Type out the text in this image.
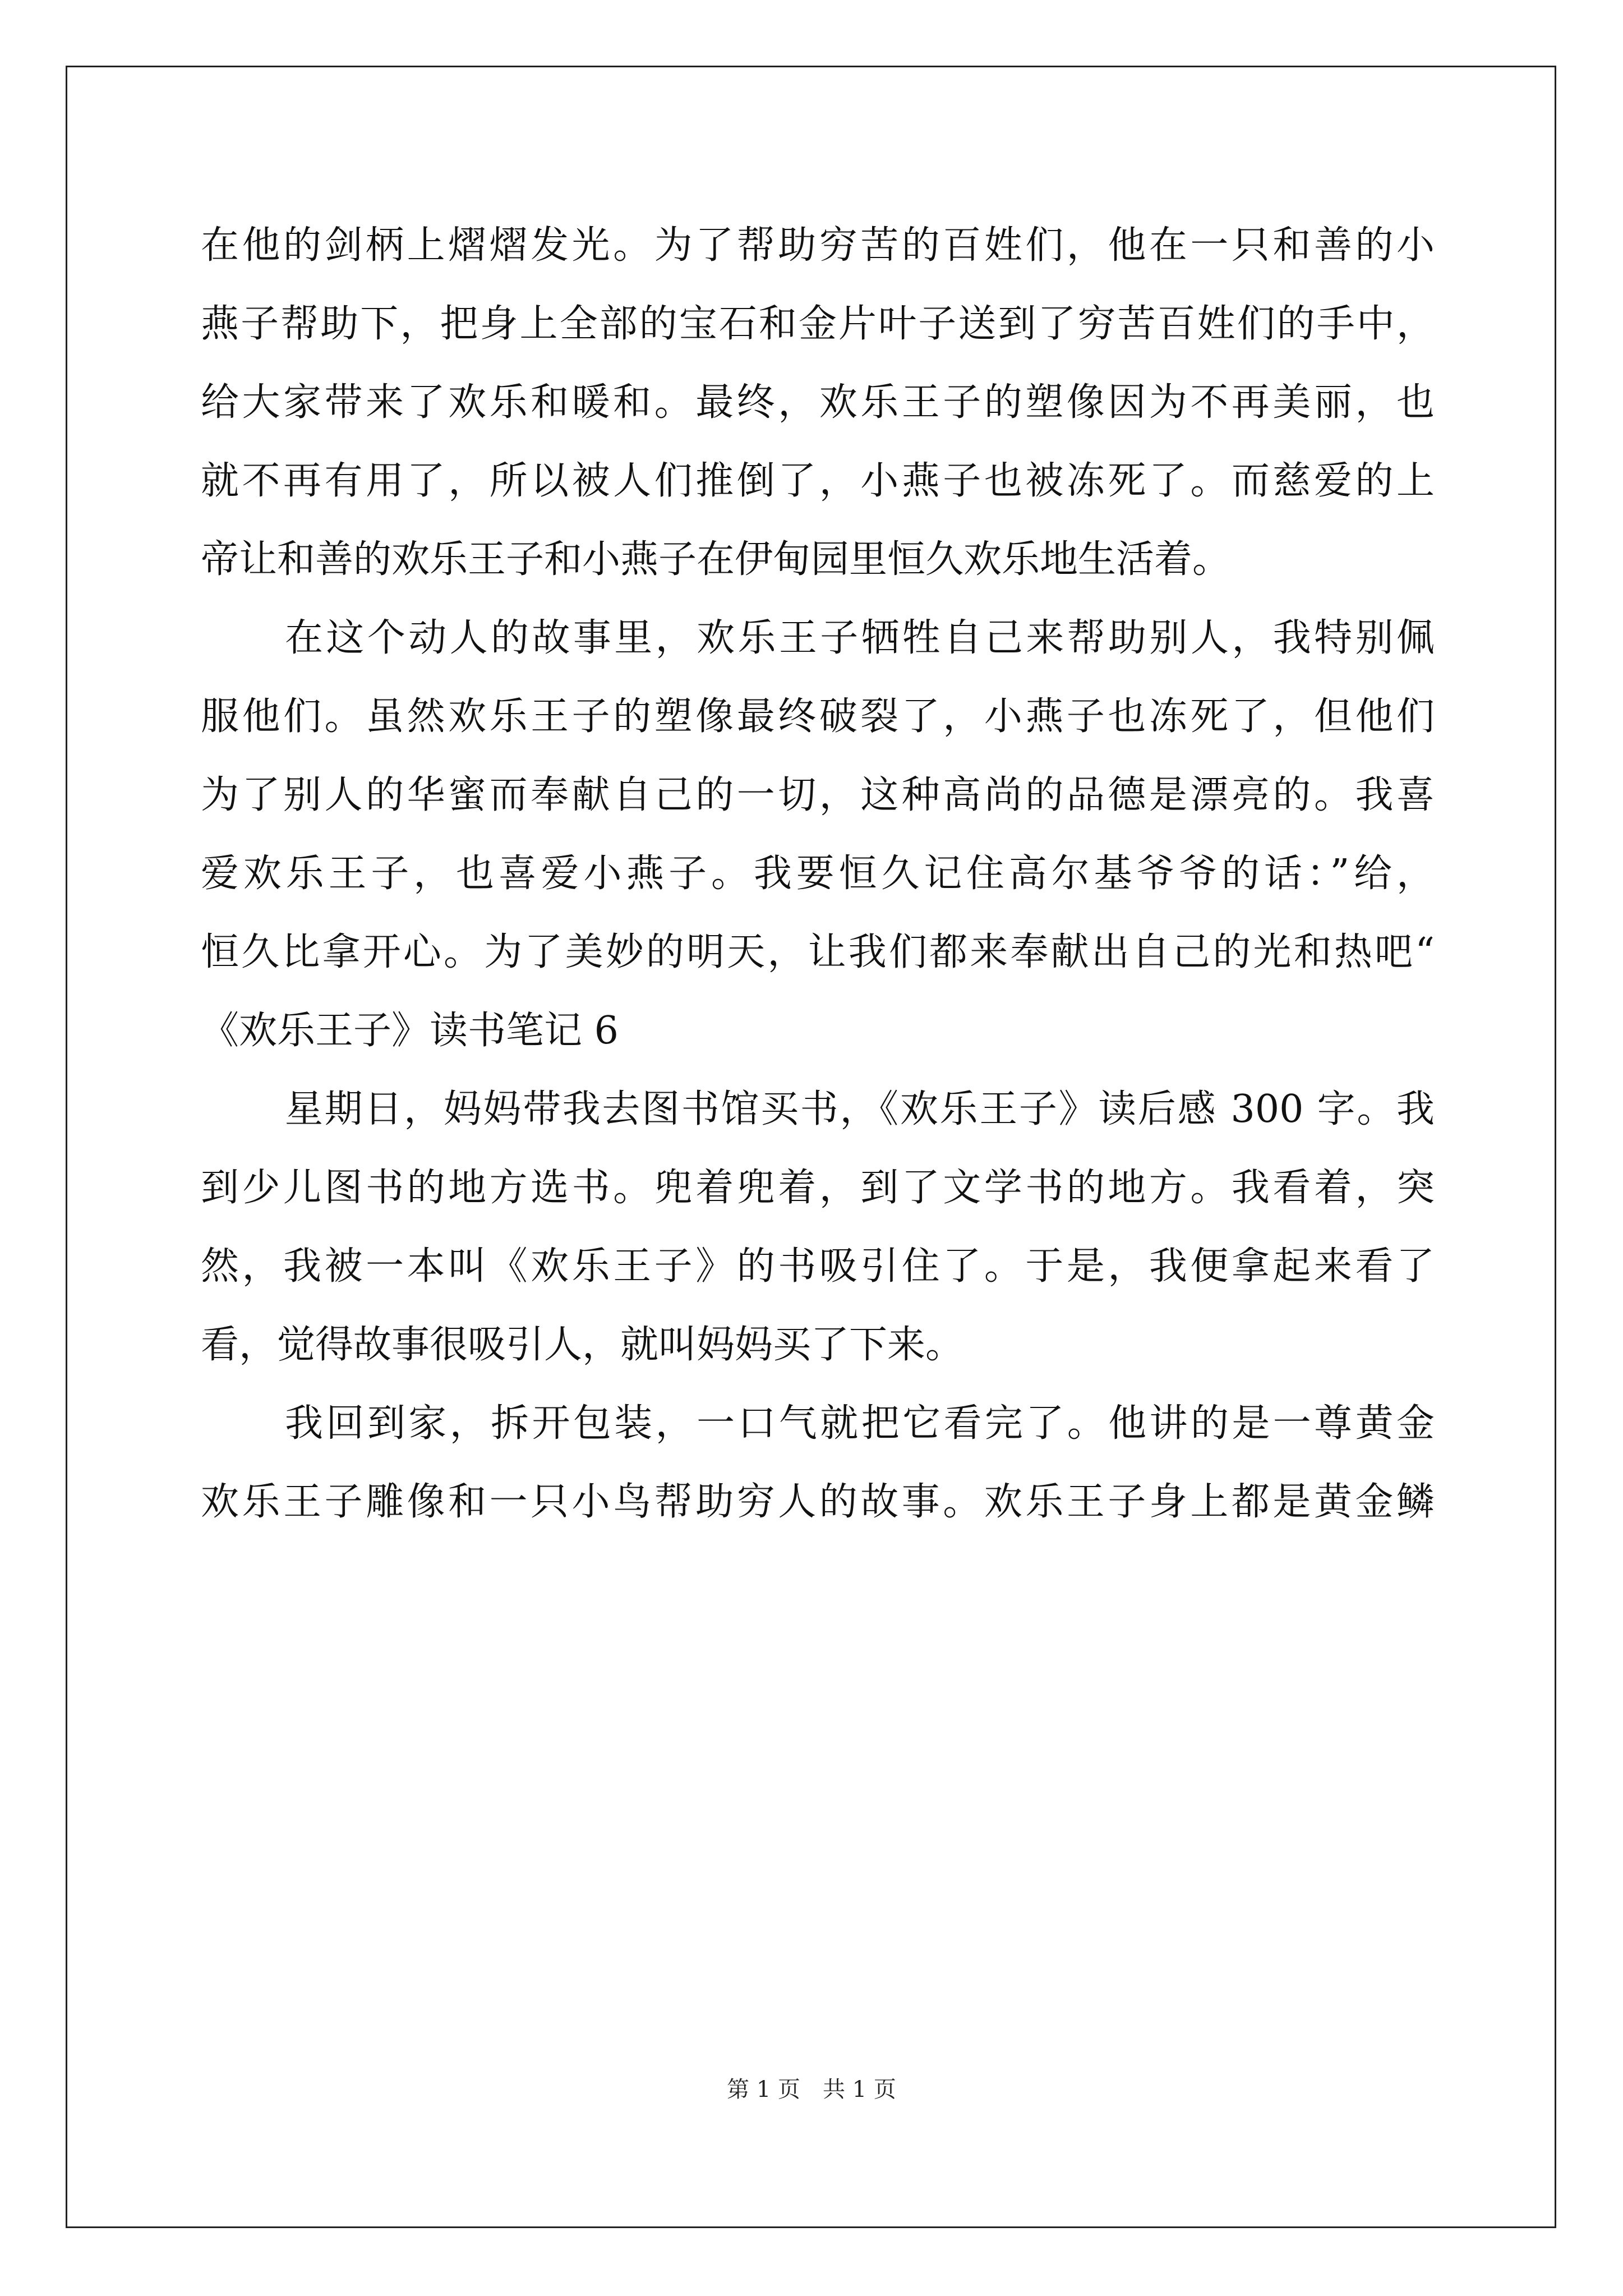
在他的剑柄上熠熠发光。为了帮助穷苦的百姓们，他在一只和善的小
燕子帮助下，把身上全部的宝石和金片叶子送到了穷苦百姓们的手中，
给大家带来了欢乐和暖和。最终，欢乐王子的塑像因为不再美丽，也
就不再有用了，所以被人们推倒了，小燕子也被冻死了。而慈爱的上
帝让和善的欢乐王子和小燕子在伊甸园里恒久欢乐地生活着。
在这个动人的故事里，欢乐王子牺牲自己来帮助别人，我特别佩
服他们。虽然欢乐王子的塑像最终破裂了，小燕子也冻死了，但他们
为了别人的华蜜而奉献自己的一切，这种高尚的品德是漂亮的。我喜
爱欢乐王子，也喜爱小燕子。我要恒久记住高尔基爷爷的话：”给，
恒久比拿开心。为了美妙的明天，让我们都来奉献出自己的光和热吧“
《欢乐王子》读书笔记 6
星期日，妈妈带我去图书馆买书，《欢乐王子》读后感 300 字。我
到少儿图书的地方选书。兜着兜着，到了文学书的地方。我看着，突
然，我被一本叫《欢乐王子》的书吸引住了。于是，我便拿起来看了
看，觉得故事很吸引人，就叫妈妈买了下来。
我回到家，拆开包装，一口气就把它看完了。他讲的是一尊黄金
欢乐王子雕像和一只小鸟帮助穷人的故事。欢乐王子身上都是黄金鳞
第 1 页　共 1 页
